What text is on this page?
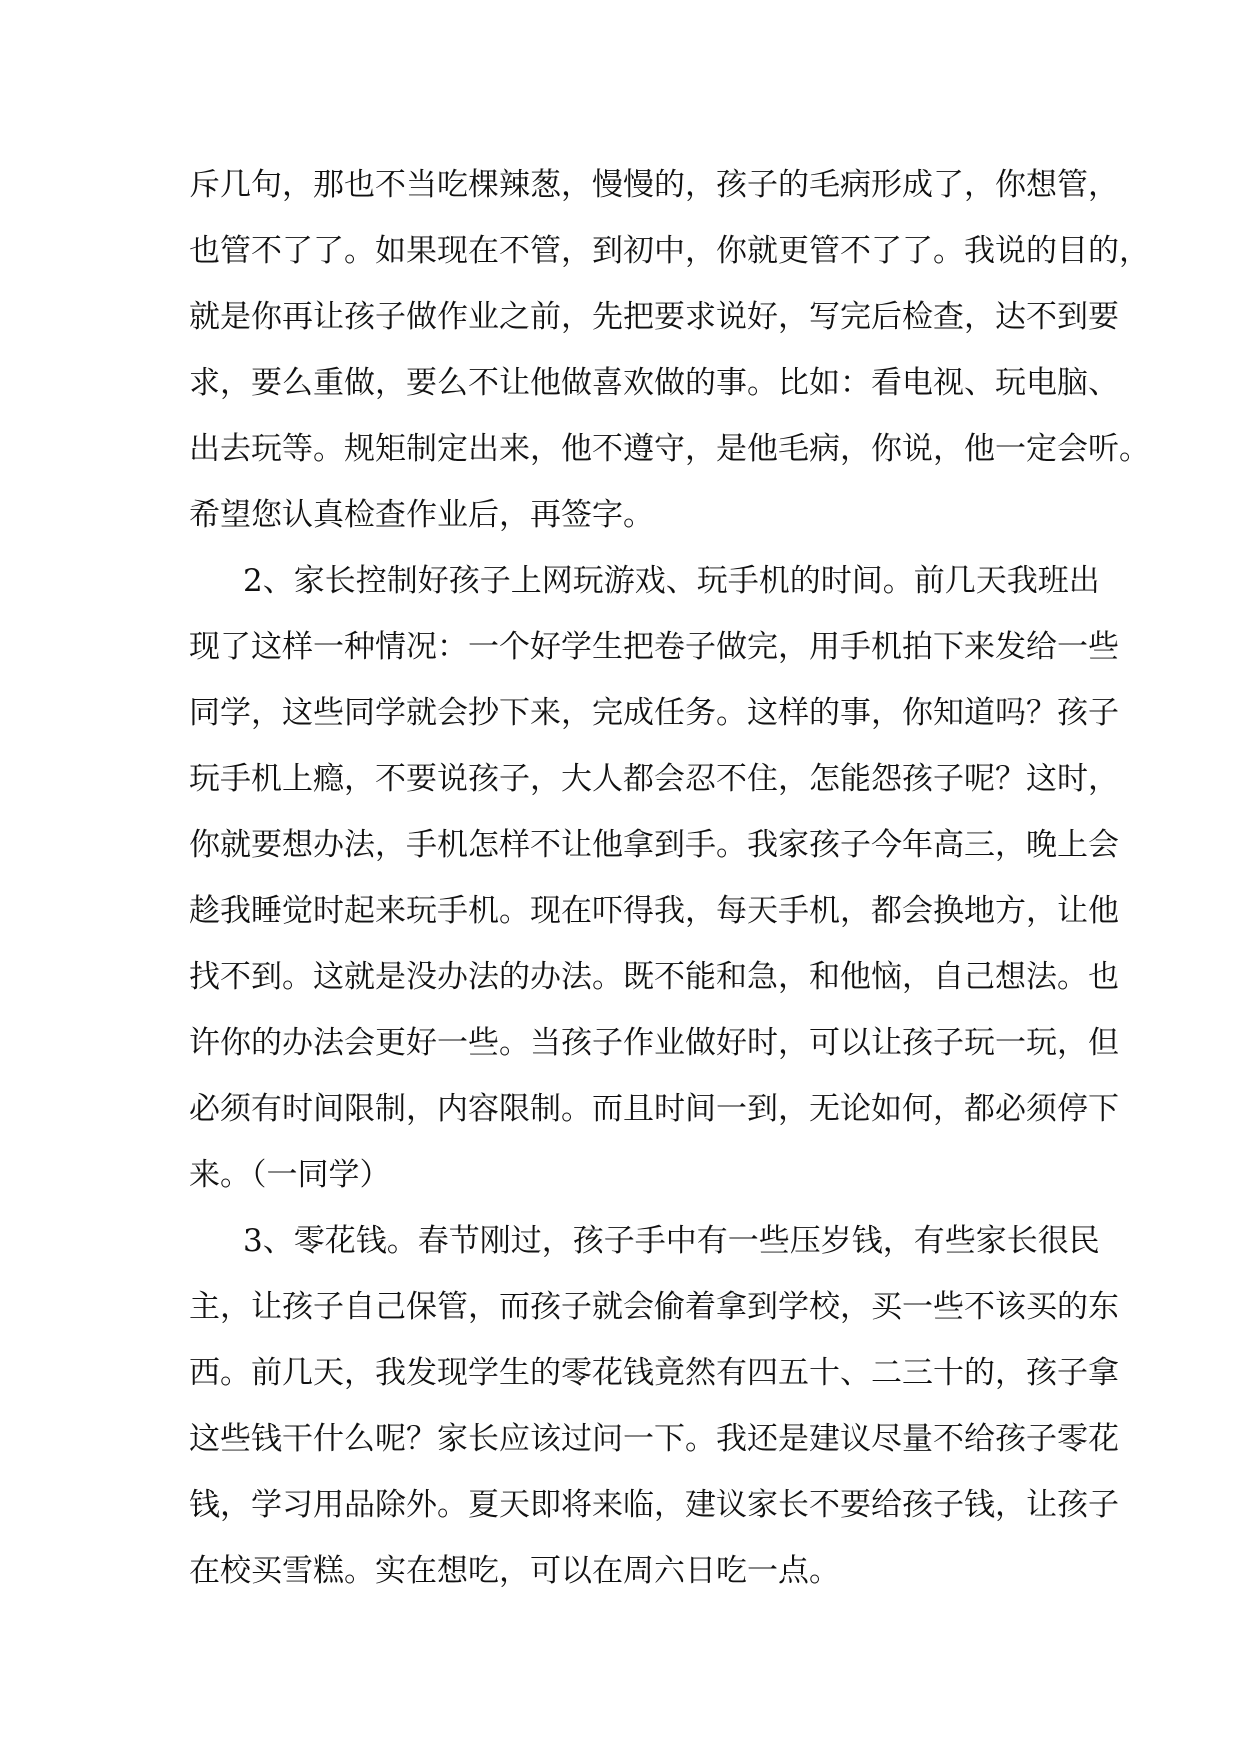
斥几句，那也不当吃棵辣葱，慢慢的，孩子的毛病形成了，你想管，
也管不了了。如果现在不管，到初中，你就更管不了了。我说的目的，
就是你再让孩子做作业之前，先把要求说好，写完后检查，达不到要
求，要么重做，要么不让他做喜欢做的事。比如：看电视、玩电脑、
出去玩等。规矩制定出来，他不遵守，是他毛病，你说，他一定会听。
希望您认真检查作业后，再签字。
2、家长控制好孩子上网玩游戏、玩手机的时间。前几天我班出
现了这样一种情况：一个好学生把卷子做完，用手机拍下来发给一些
同学，这些同学就会抄下来，完成任务。这样的事，你知道吗？孩子
玩手机上瘾，不要说孩子，大人都会忍不住，怎能怨孩子呢？这时，
你就要想办法，手机怎样不让他拿到手。我家孩子今年高三，晚上会
趁我睡觉时起来玩手机。现在吓得我，每天手机，都会换地方，让他
找不到。这就是没办法的办法。既不能和急，和他恼，自己想法。也
许你的办法会更好一些。当孩子作业做好时，可以让孩子玩一玩，但
必须有时间限制，内容限制。而且时间一到，无论如何，都必须停下
来。（一同学）
3、零花钱。春节刚过，孩子手中有一些压岁钱，有些家长很民
主，让孩子自己保管，而孩子就会偷着拿到学校，买一些不该买的东
西。前几天，我发现学生的零花钱竟然有四五十、二三十的，孩子拿
这些钱干什么呢？家长应该过问一下。我还是建议尽量不给孩子零花
钱，学习用品除外。夏天即将来临，建议家长不要给孩子钱，让孩子
在校买雪糕。实在想吃，可以在周六日吃一点。
